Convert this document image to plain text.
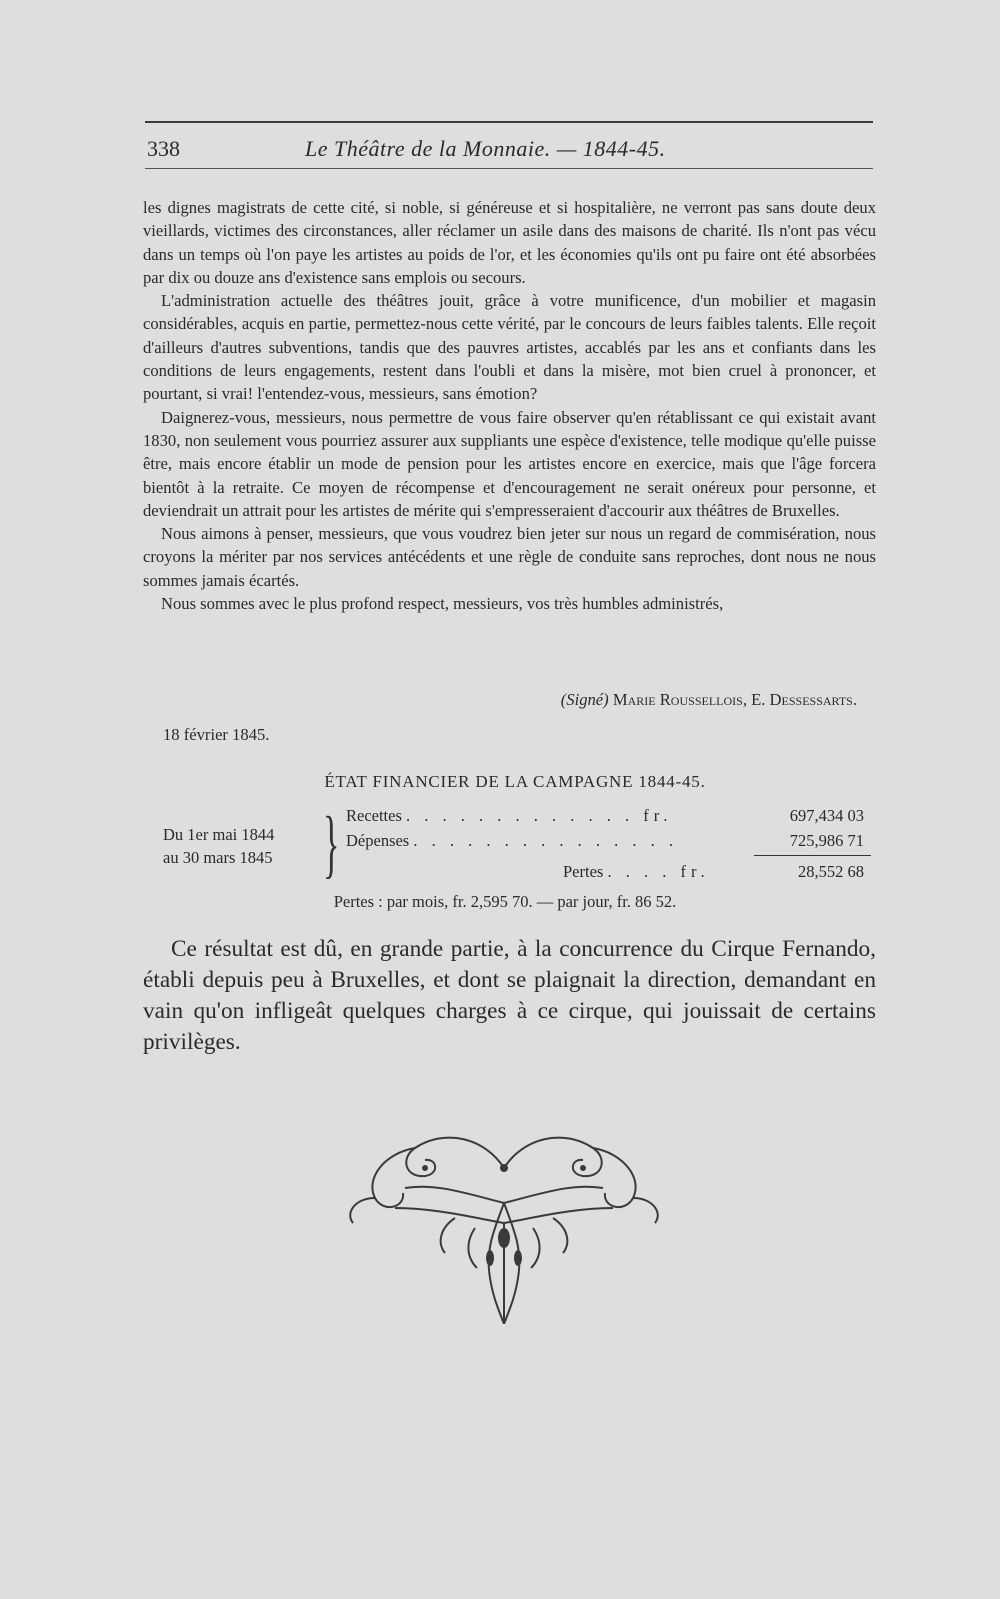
338	Le Théâtre de la Monnaie. — 1844-45.

les dignes magistrats de cette cité, si noble, si généreuse et si hospitalière, ne verront pas sans doute deux vieillards, victimes des circonstances, aller réclamer un asile dans des maisons de charité. Ils n'ont pas vécu dans un temps où l'on paye les artistes au poids de l'or, et les économies qu'ils ont pu faire ont été absorbées par dix ou douze ans d'existence sans emplois ou secours.

L'administration actuelle des théâtres jouit, grâce à votre munificence, d'un mobilier et magasin considérables, acquis en partie, permettez-nous cette vérité, par le concours de leurs faibles talents. Elle reçoit d'ailleurs d'autres subventions, tandis que des pauvres artistes, accablés par les ans et confiants dans les conditions de leurs engagements, restent dans l'oubli et dans la misère, mot bien cruel à prononcer, et pourtant, si vrai! l'entendez-vous, messieurs, sans émotion?

Daignerez-vous, messieurs, nous permettre de vous faire observer qu'en rétablissant ce qui existait avant 1830, non seulement vous pourriez assurer aux suppliants une espèce d'existence, telle modique qu'elle puisse être, mais encore établir un mode de pension pour les artistes encore en exercice, mais que l'âge forcera bientôt à la retraite. Ce moyen de récompense et d'encouragement ne serait onéreux pour personne, et deviendrait un attrait pour les artistes de mérite qui s'empresseraient d'accourir aux théâtres de Bruxelles.

Nous aimons à penser, messieurs, que vous voudrez bien jeter sur nous un regard de commisération, nous croyons la mériter par nos services antécédents et une règle de conduite sans reproches, dont nous ne nous sommes jamais écartés.

Nous sommes avec le plus profond respect, messieurs, vos très humbles administrés,

(Signé) Marie Roussellois, E. Dessessarts.
18 février 1845.
ÉTAT FINANCIER DE LA CAMPAGNE 1844-45.
Du 1er mai 1844
au 30 mars 1845 } Recettes . . . . . . . . . . . . . fr.	697,434 03
Dépenses . . . . . . . . . . . . . . .	725,986 71
Pertes . . . . fr.	28,552 68
Pertes : par mois, fr. 2,595 70. — par jour, fr. 86 52.

Ce résultat est dû, en grande partie, à la concurrence du Cirque Fernando, établi depuis peu à Bruxelles, et dont se plaignait la direction, demandant en vain qu'on infligeât quelques charges à ce cirque, qui jouissait de certains privilèges.
